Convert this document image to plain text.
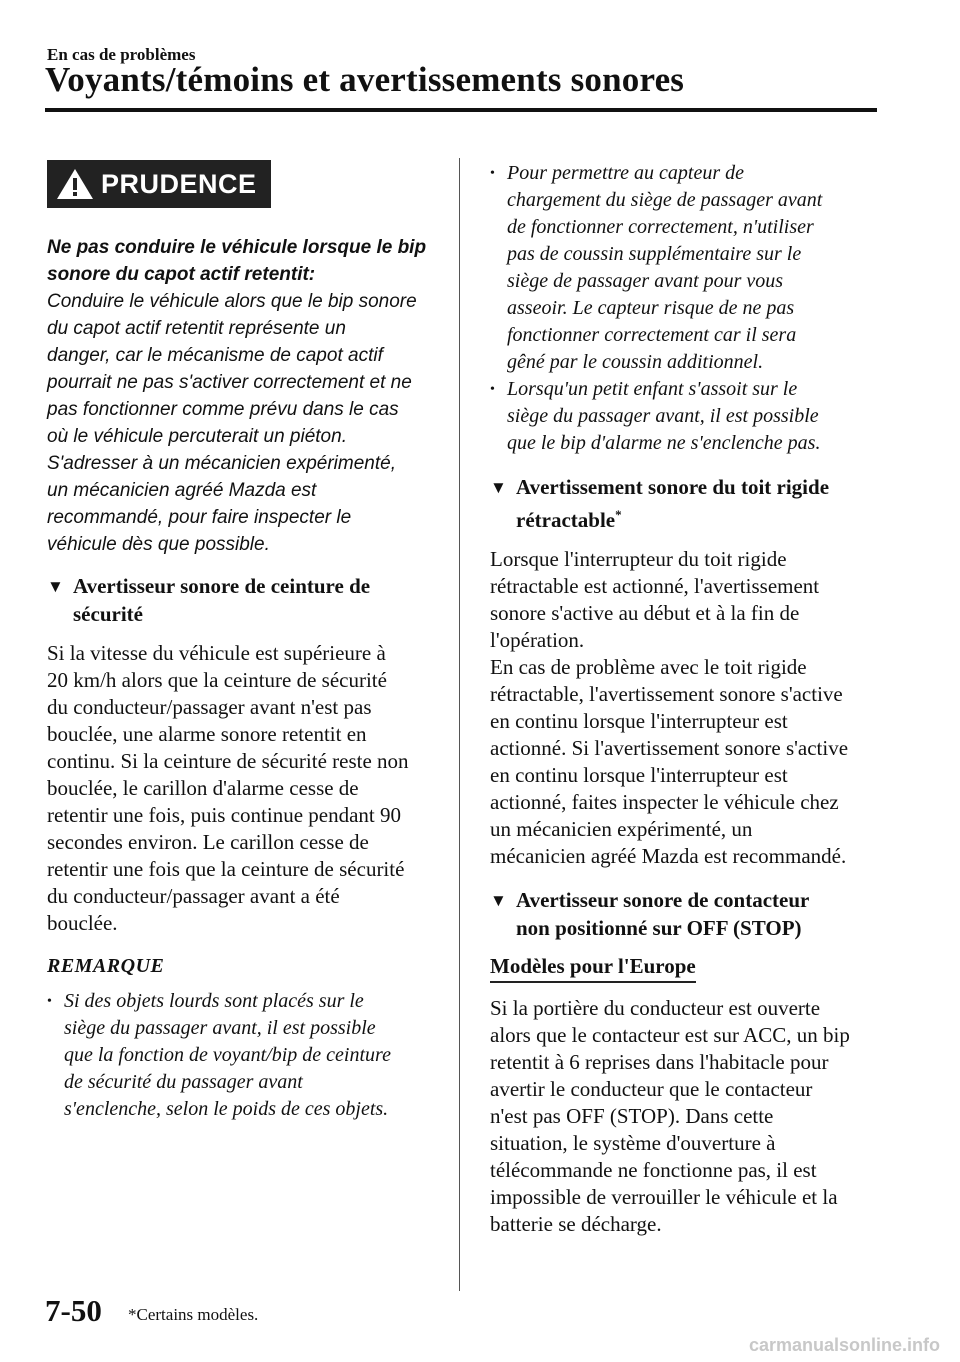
En cas de problèmes
Voyants/témoins et avertissements sonores
PRUDENCE

Ne pas conduire le véhicule lorsque le bip

sonore du capot actif retentit:

Conduire le véhicule alors que le bip sonore

du capot actif retentit représente un

danger, car le mécanisme de capot actif

pourrait ne pas s'activer correctement et ne

pas fonctionner comme prévu dans le cas

où le véhicule percuterait un piéton.

S'adresser à un mécanicien expérimenté,

un mécanicien agréé Mazda est

recommandé, pour faire inspecter le

véhicule dès que possible.

▼ Avertisseur sonore de ceinture de
sécurité

Si la vitesse du véhicule est supérieure à

20 km/h alors que la ceinture de sécurité

du conducteur/passager avant n'est pas

bouclée, une alarme sonore retentit en

continu. Si la ceinture de sécurité reste non

bouclée, le carillon d'alarme cesse de

retentir une fois, puis continue pendant 90

secondes environ. Le carillon cesse de

retentir une fois que la ceinture de sécurité

du conducteur/passager avant a été

bouclée.

REMARQUE
• Si des objets lourds sont placés sur le
siège du passager avant, il est possible
que la fonction de voyant/bip de ceinture
de sécurité du passager avant
s'enclenche, selon le poids de ces objets.
• Pour permettre au capteur de
chargement du siège de passager avant
de fonctionner correctement, n'utiliser
pas de coussin supplémentaire sur le
siège de passager avant pour vous
asseoir. Le capteur risque de ne pas
fonctionner correctement car il sera
gêné par le coussin additionnel.
• Lorsqu'un petit enfant s'assoit sur le
siège du passager avant, il est possible
que le bip d'alarme ne s'enclenche pas.
▼ Avertissement sonore du toit rigide
rétractable*

Lorsque l'interrupteur du toit rigide

rétractable est actionné, l'avertissement

sonore s'active au début et à la fin de

l'opération.

En cas de problème avec le toit rigide

rétractable, l'avertissement sonore s'active

en continu lorsque l'interrupteur est

actionné. Si l'avertissement sonore s'active

en continu lorsque l'interrupteur est

actionné, faites inspecter le véhicule chez

un mécanicien expérimenté, un

mécanicien agréé Mazda est recommandé.

▼ Avertisseur sonore de contacteur
non positionné sur OFF (STOP)
Modèles pour l'Europe

Si la portière du conducteur est ouverte

alors que le contacteur est sur ACC, un bip

retentit à 6 reprises dans l'habitacle pour

avertir le conducteur que le contacteur

n'est pas OFF (STOP). Dans cette

situation, le système d'ouverture à

télécommande ne fonctionne pas, il est

impossible de verrouiller le véhicule et la

batterie se décharge.

7-50 *Certains modèles.
carmanualsonline.info
